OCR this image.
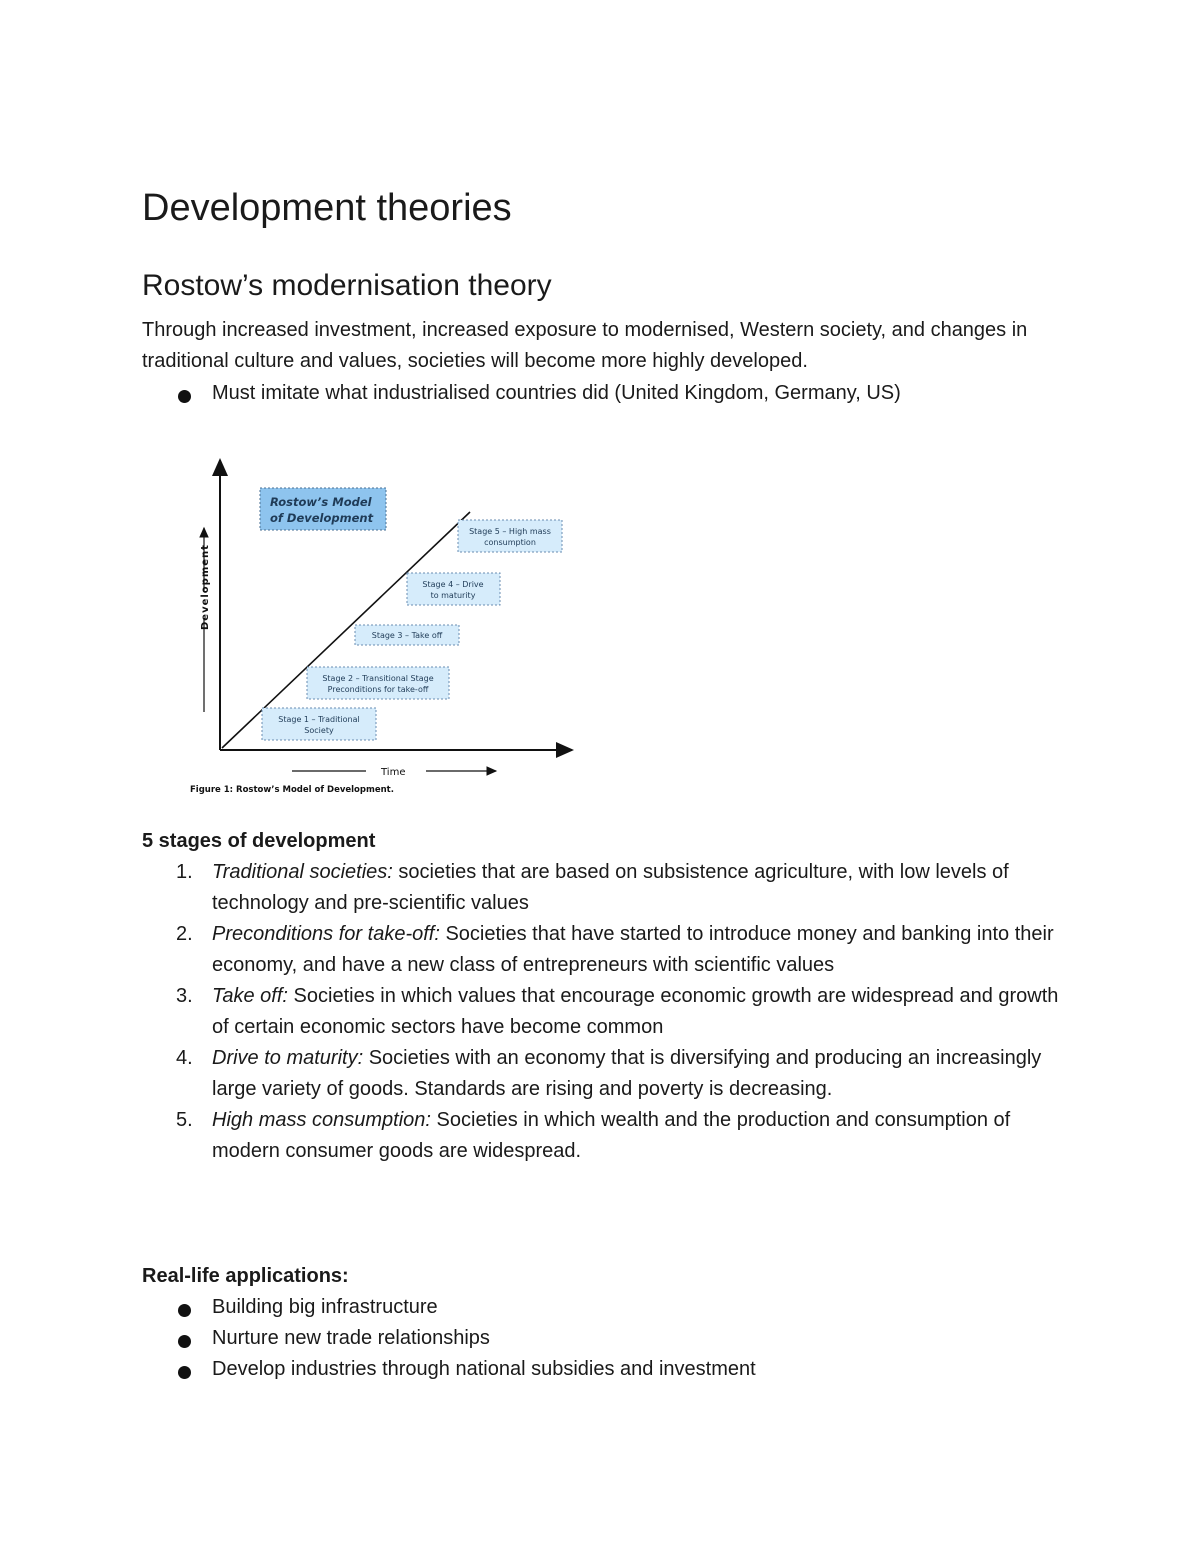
Development theories
Rostow’s modernisation theory

Through increased investment, increased exposure to modernised, Western society, and changes in traditional culture and values, societies will become more highly developed.

Must imitate what industrialised countries did (United Kingdom, Germany, US)
Development
Time
Rostow’s Model
of Development
Stage 5 – High mass
consumption
Stage 4 – Drive
to maturity
Stage 3 – Take off
Stage 2 – Transitional Stage
Preconditions for take-off
Stage 1 – Traditional
Society
Figure 1: Rostow’s Model of Development.
5 stages of development
1. Traditional societies: societies that are based on subsistence agriculture, with low levels of technology and pre-scientific values
2. Preconditions for take-off: Societies that have started to introduce money and banking into their economy, and have a new class of entrepreneurs with scientific values
3. Take off: Societies in which values that encourage economic growth are widespread and growth of certain economic sectors have become common
4. Drive to maturity: Societies with an economy that is diversifying and producing an increasingly large variety of goods. Standards are rising and poverty is decreasing.
5. High mass consumption: Societies in which wealth and the production and consumption of modern consumer goods are widespread.
Real-life applications:
Building big infrastructure
Nurture new trade relationships
Develop industries through national subsidies and investment
